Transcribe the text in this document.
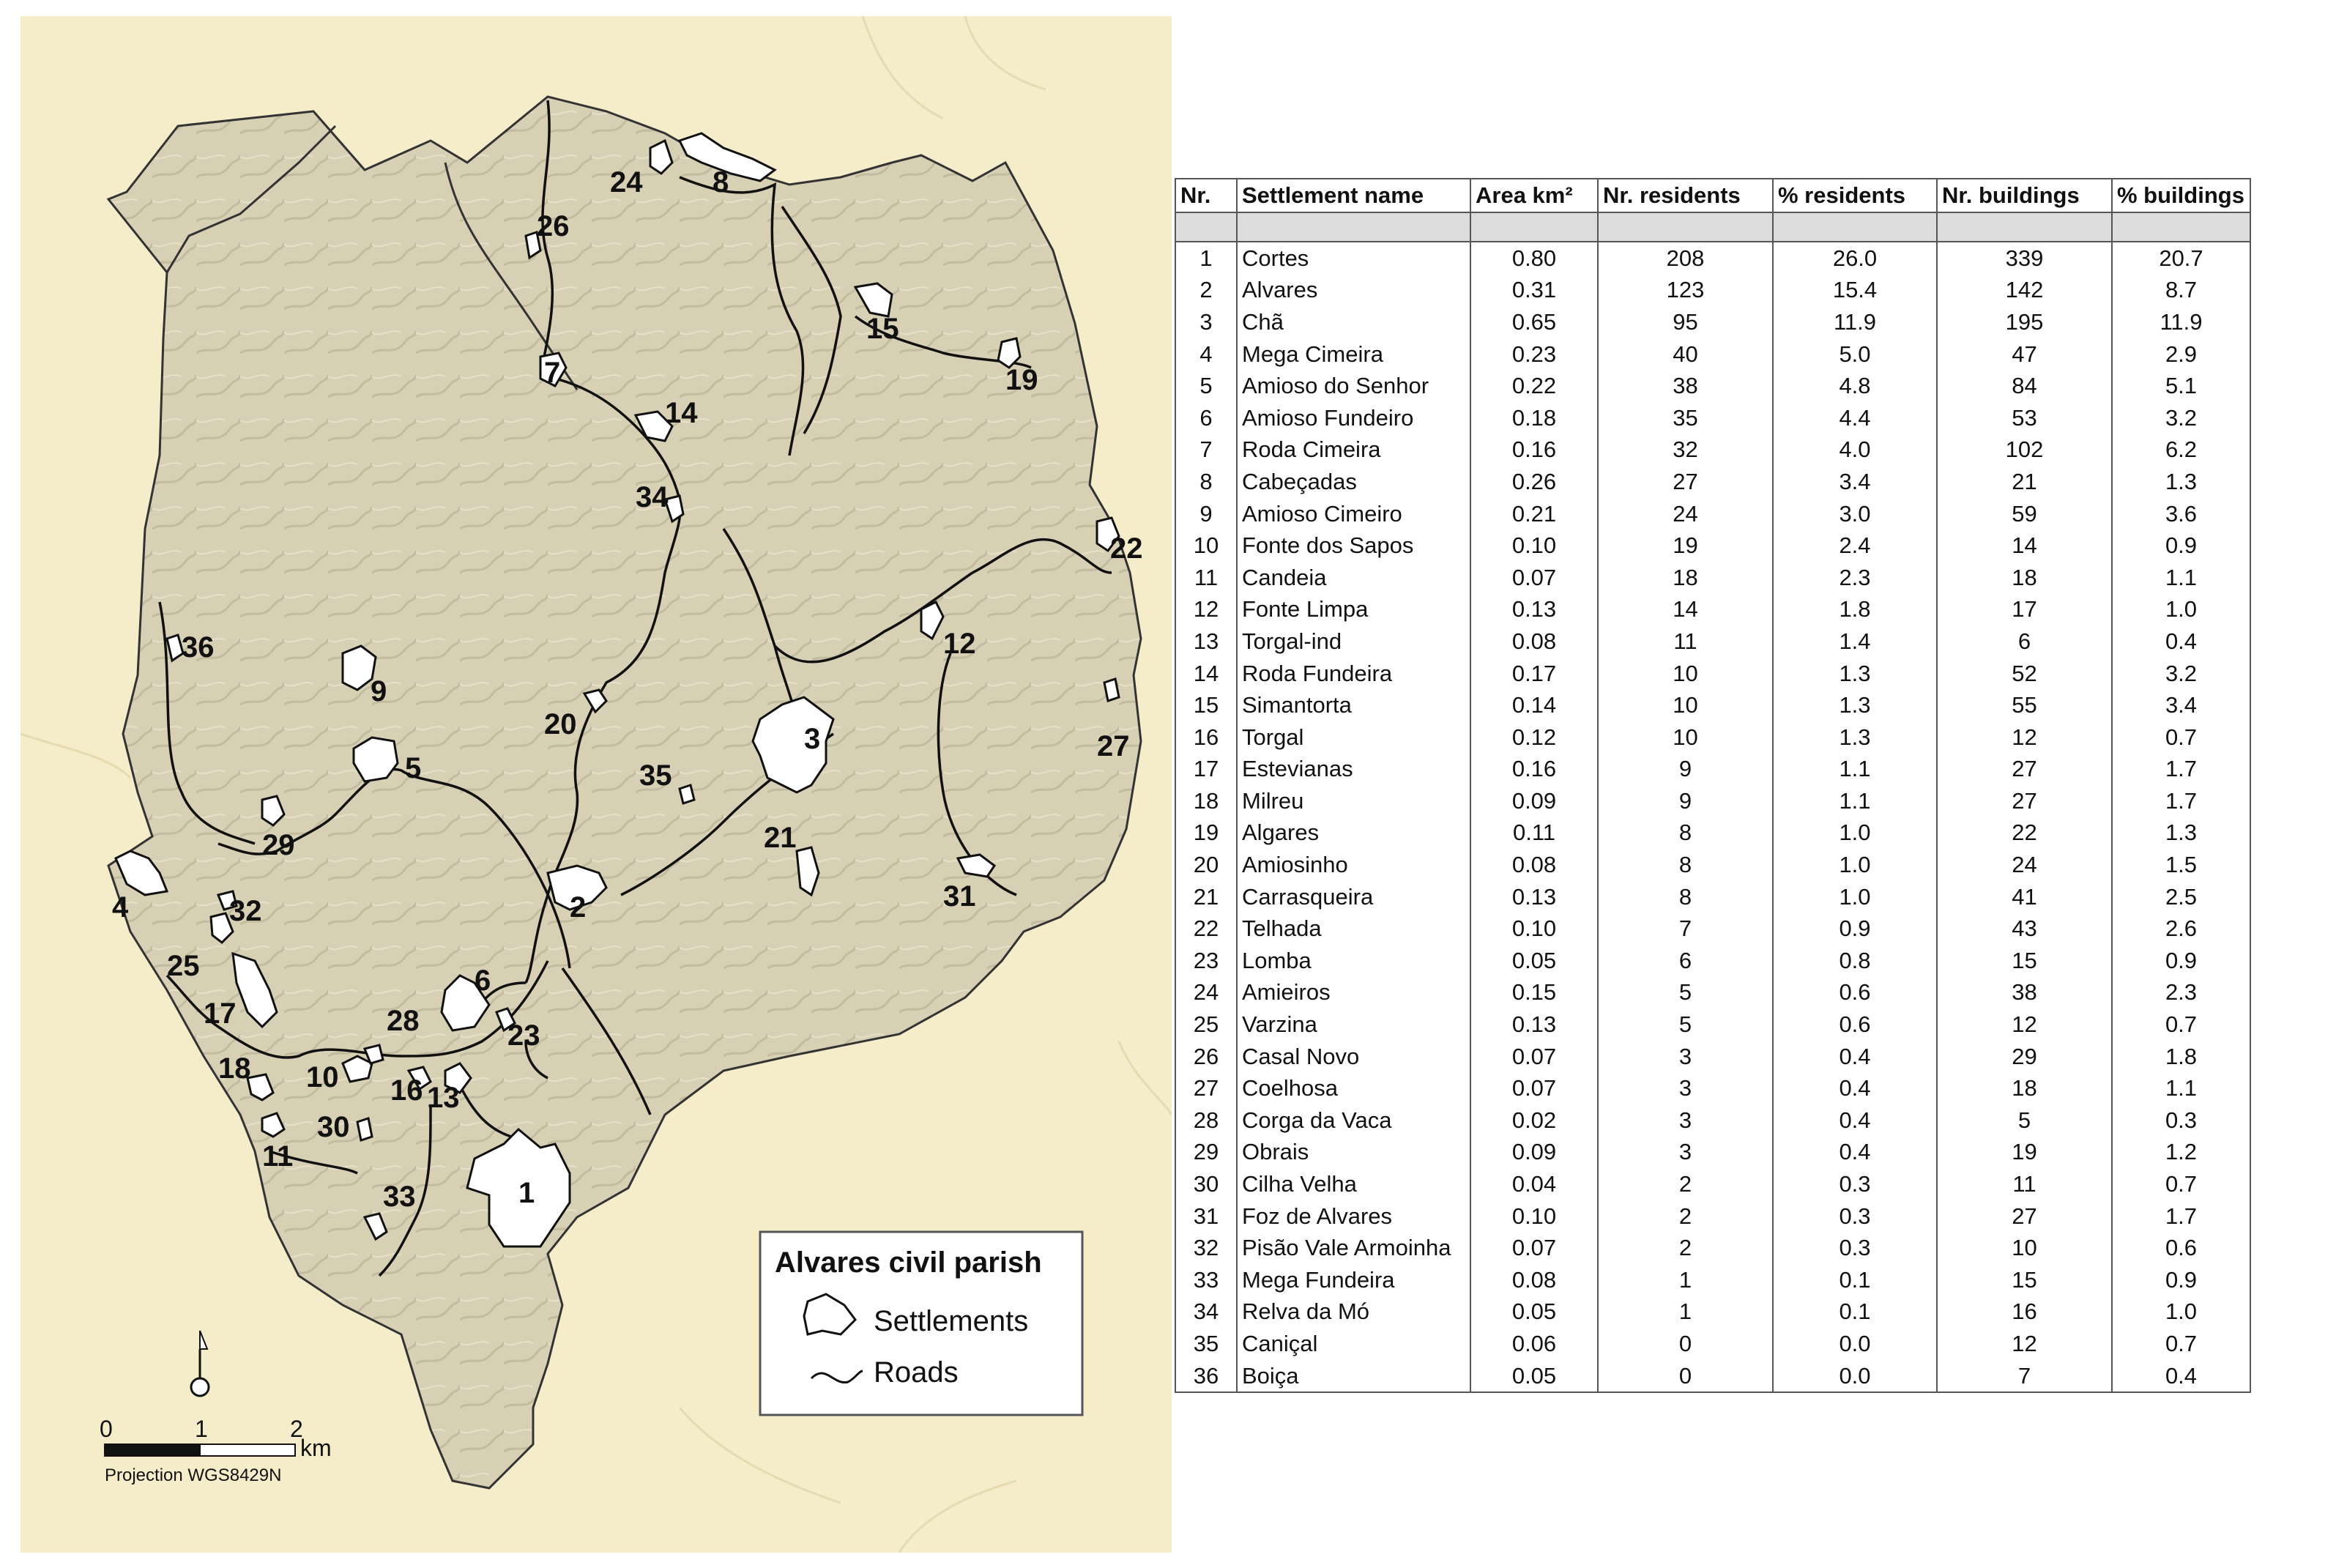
1
2
3
4
5
6
7
8
9
10
11
12
13
14
15
16
17
18
19
20
21
22
23
24
25
26
27
28
29
30
31
32
33
34
35
36
Alvares civil parish
Settlements
Roads
0	1	2
km
Projection WGS8429N
Nr.	Settlement name	Area km²	Nr. residents	% residents	Nr. buildings	% buildings

1	Cortes	0.80	208	26.0	339	20.7
2	Alvares	0.31	123	15.4	142	8.7
3	Chã	0.65	95	11.9	195	11.9
4	Mega Cimeira	0.23	40	5.0	47	2.9
5	Amioso do Senhor	0.22	38	4.8	84	5.1
6	Amioso Fundeiro	0.18	35	4.4	53	3.2
7	Roda Cimeira	0.16	32	4.0	102	6.2
8	Cabeçadas	0.26	27	3.4	21	1.3
9	Amioso Cimeiro	0.21	24	3.0	59	3.6
10	Fonte dos Sapos	0.10	19	2.4	14	0.9
11	Candeia	0.07	18	2.3	18	1.1
12	Fonte Limpa	0.13	14	1.8	17	1.0
13	Torgal-ind	0.08	11	1.4	6	0.4
14	Roda Fundeira	0.17	10	1.3	52	3.2
15	Simantorta	0.14	10	1.3	55	3.4
16	Torgal	0.12	10	1.3	12	0.7
17	Estevianas	0.16	9	1.1	27	1.7
18	Milreu	0.09	9	1.1	27	1.7
19	Algares	0.11	8	1.0	22	1.3
20	Amiosinho	0.08	8	1.0	24	1.5
21	Carrasqueira	0.13	8	1.0	41	2.5
22	Telhada	0.10	7	0.9	43	2.6
23	Lomba	0.05	6	0.8	15	0.9
24	Amieiros	0.15	5	0.6	38	2.3
25	Varzina	0.13	5	0.6	12	0.7
26	Casal Novo	0.07	3	0.4	29	1.8
27	Coelhosa	0.07	3	0.4	18	1.1
28	Corga da Vaca	0.02	3	0.4	5	0.3
29	Obrais	0.09	3	0.4	19	1.2
30	Cilha Velha	0.04	2	0.3	11	0.7
31	Foz de Alvares	0.10	2	0.3	27	1.7
32	Pisão Vale Armoinha	0.07	2	0.3	10	0.6
33	Mega Fundeira	0.08	1	0.1	15	0.9
34	Relva da Mó	0.05	1	0.1	16	1.0
35	Caniçal	0.06	0	0.0	12	0.7
36	Boiça	0.05	0	0.0	7	0.4
